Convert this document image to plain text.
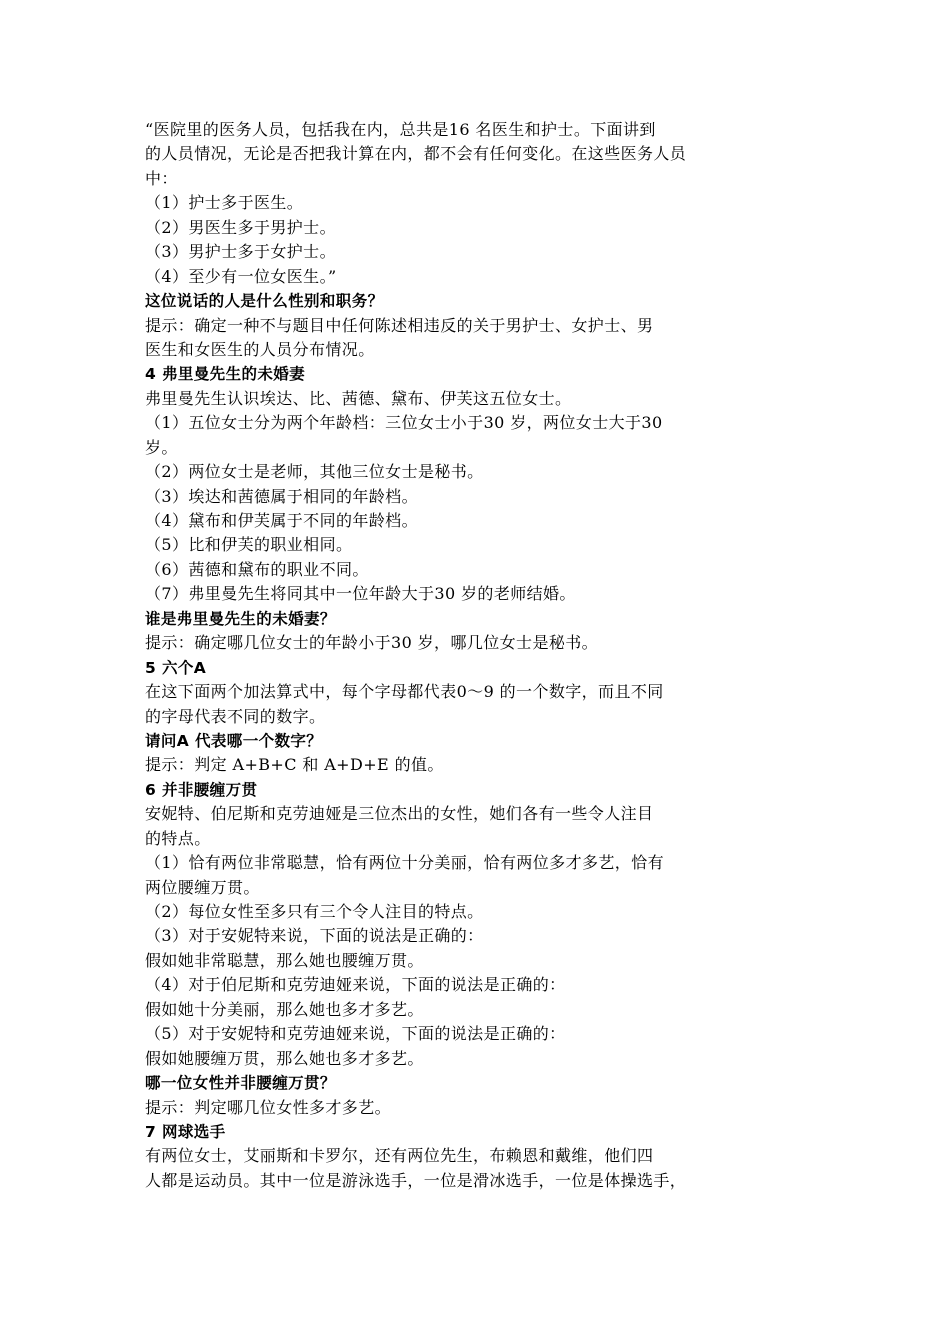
“医院里的医务人员，包括我在内，总共是16 名医生和护士。下面讲到
的人员情况，无论是否把我计算在内，都不会有任何变化。在这些医务人员
中：
（1）护士多于医生。
（2）男医生多于男护士。
（3）男护士多于女护士。
（4）至少有一位女医生。”
这位说话的人是什么性别和职务？
提示：确定一种不与题目中任何陈述相违反的关于男护士、女护士、男
医生和女医生的人员分布情况。
4 弗里曼先生的未婚妻
弗里曼先生认识埃达、比、茜德、黛布、伊芙这五位女士。
（1）五位女士分为两个年龄档：三位女士小于30 岁，两位女士大于30
岁。
（2）两位女士是老师，其他三位女士是秘书。
（3）埃达和茜德属于相同的年龄档。
（4）黛布和伊芙属于不同的年龄档。
（5）比和伊芙的职业相同。
（6）茜德和黛布的职业不同。
（7）弗里曼先生将同其中一位年龄大于30 岁的老师结婚。
谁是弗里曼先生的未婚妻？
提示：确定哪几位女士的年龄小于30 岁，哪几位女士是秘书。
5 六个A
在这下面两个加法算式中，每个字母都代表0～9 的一个数字，而且不同
的字母代表不同的数字。
请问A 代表哪一个数字？
提示：判定 A+B+C 和 A+D+E 的值。
6 并非腰缠万贯
安妮特、伯尼斯和克劳迪娅是三位杰出的女性，她们各有一些令人注目
的特点。
（1）恰有两位非常聪慧，恰有两位十分美丽，恰有两位多才多艺，恰有
两位腰缠万贯。
（2）每位女性至多只有三个令人注目的特点。
（3）对于安妮特来说，下面的说法是正确的：
假如她非常聪慧，那么她也腰缠万贯。
（4）对于伯尼斯和克劳迪娅来说，下面的说法是正确的：
假如她十分美丽，那么她也多才多艺。
（5）对于安妮特和克劳迪娅来说，下面的说法是正确的：
假如她腰缠万贯，那么她也多才多艺。
哪一位女性并非腰缠万贯？
提示：判定哪几位女性多才多艺。
7 网球选手
有两位女士，艾丽斯和卡罗尔，还有两位先生，布赖恩和戴维，他们四
人都是运动员。其中一位是游泳选手，一位是滑冰选手，一位是体操选手，
